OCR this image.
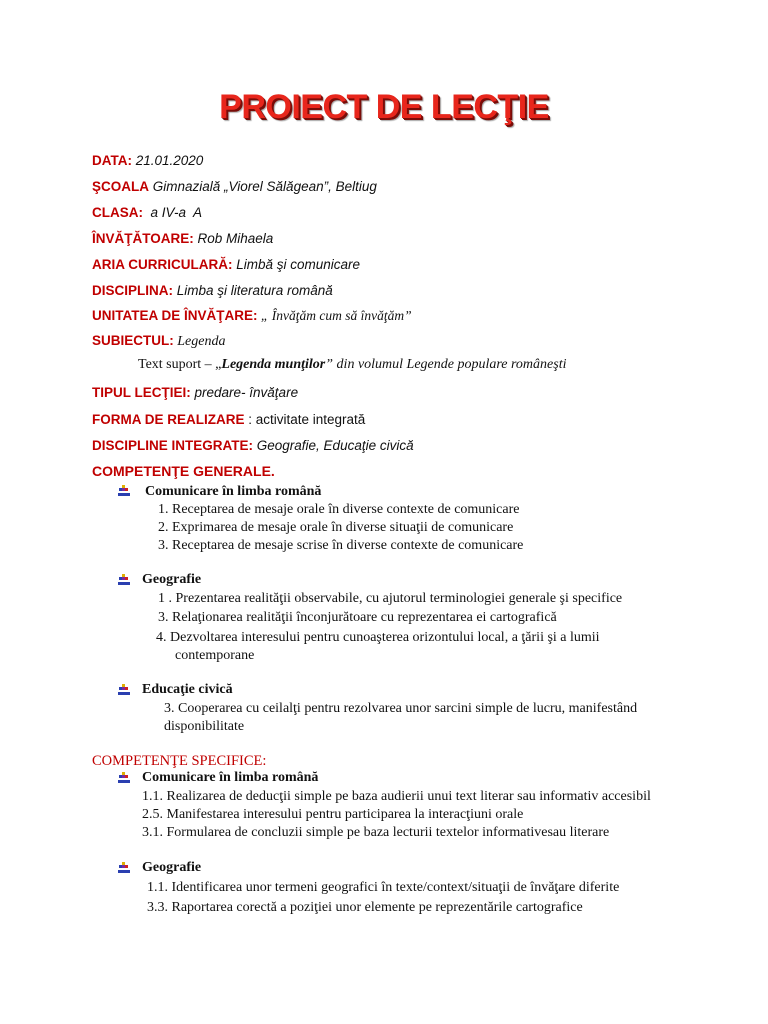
PROIECT DE LECŢIE
DATA: 21.01.2020
ŞCOALA Gimnazială „Viorel Sălăgean”, Beltiug
CLASA:  a IV-a  A
ÎNVĂŢĂTOARE: Rob Mihaela
ARIA CURRICULARĂ: Limbă şi comunicare
DISCIPLINA: Limba şi literatura română
UNITATEA DE ÎNVĂŢARE: „ Învăţăm cum să învăţăm”
SUBIECTUL: Legenda
Text suport – „Legenda munţilor” din volumul Legende populare româneşti
TIPUL LECŢIEI: predare- învăţare
FORMA DE REALIZARE : activitate integrată
DISCIPLINE INTEGRATE: Geografie, Educaţie civică
COMPETENŢE GENERALE.
Comunicare în limba română
1. Receptarea de mesaje orale în diverse contexte de comunicare
2. Exprimarea de mesaje orale în diverse situaţii de comunicare
3. Receptarea de mesaje scrise în diverse contexte de comunicare
Geografie
1 . Prezentarea realităţii observabile, cu ajutorul terminologiei generale şi specifice
3. Relaţionarea realităţii înconjurătoare cu reprezentarea ei cartografică
4. Dezvoltarea interesului pentru cunoaşterea orizontului local, a ţării şi a lumii
contemporane
Educaţie civică
3. Cooperarea cu ceilalţi pentru rezolvarea unor sarcini simple de lucru, manifestând
disponibilitate
COMPETENŢE SPECIFICE:
Comunicare în limba română
1.1. Realizarea de deducţii simple pe baza audierii unui text literar sau informativ accesibil
2.5. Manifestarea interesului pentru participarea la interacţiuni orale
3.1. Formularea de concluzii simple pe baza lecturii textelor informativesau literare
Geografie
1.1. Identificarea unor termeni geografici în texte/context/situaţii de învăţare diferite
3.3. Raportarea corectă a poziţiei unor elemente pe reprezentările cartografice
